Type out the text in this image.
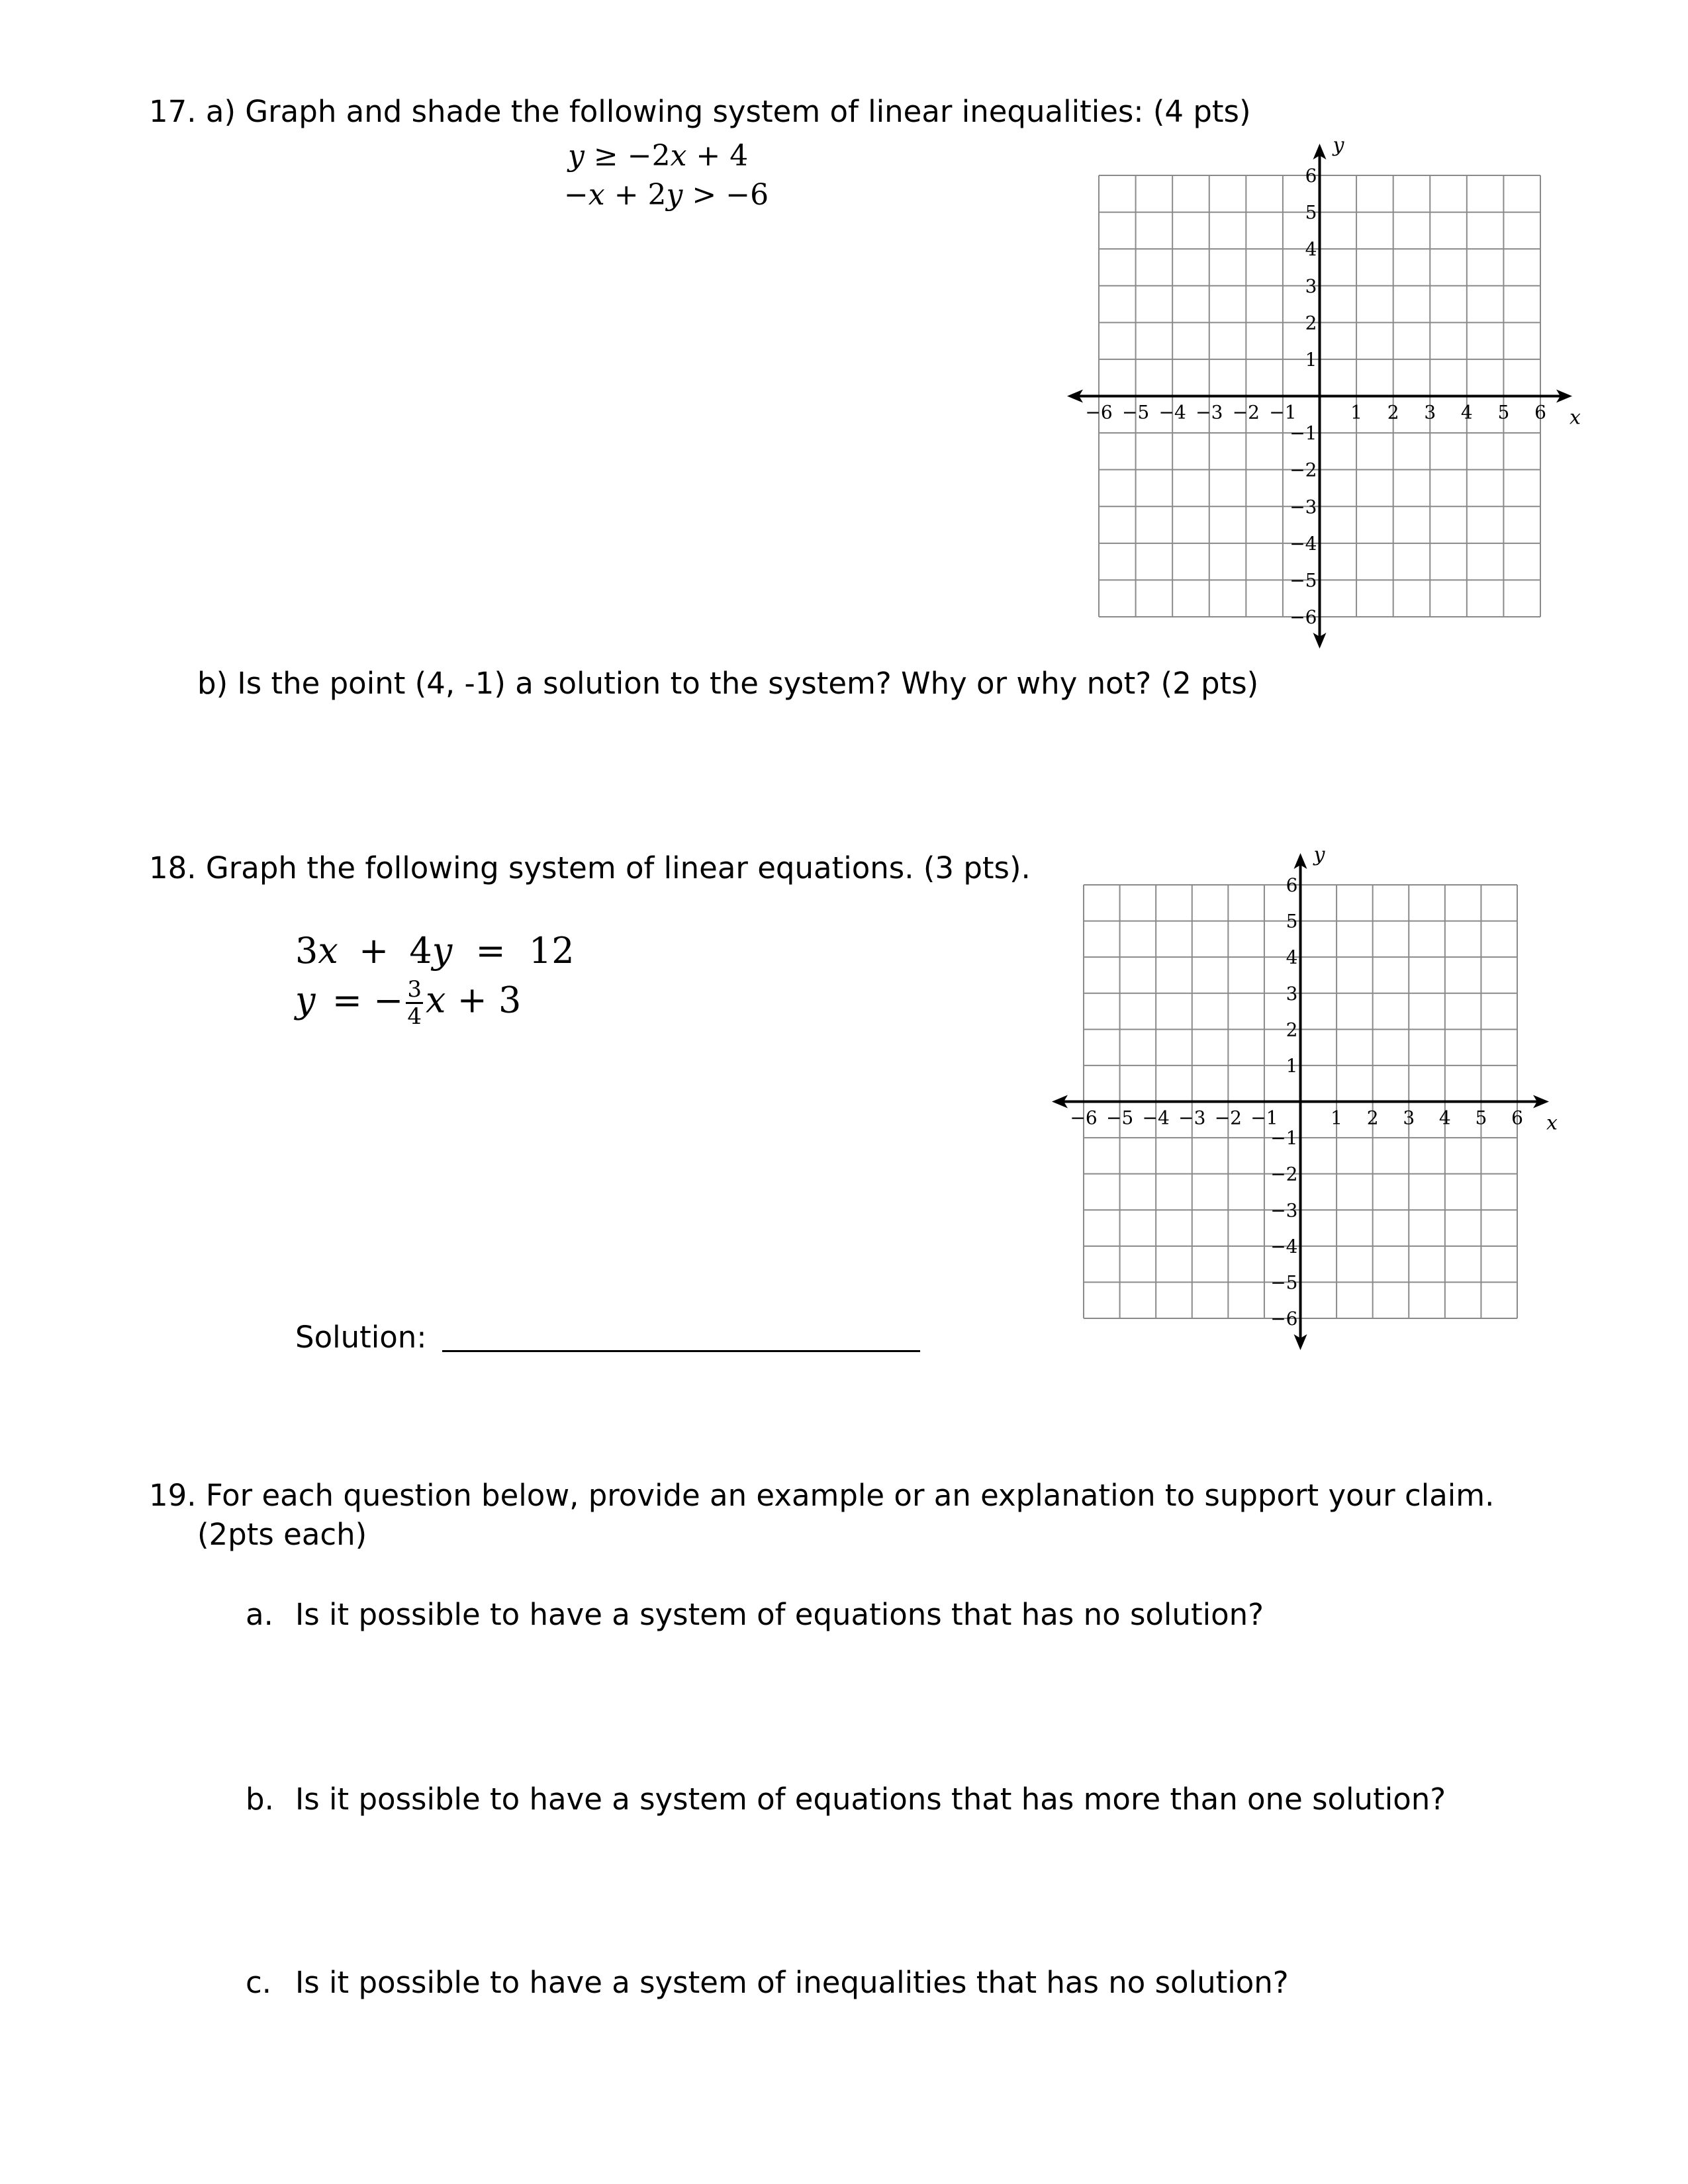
17. a) Graph and shade the following system of linear inequalities: (4 pts)
y ≥ −2x + 4
−x + 2y > −6
−6 −5 −4 −3 −2 −1	1 2 3 4 5 6
6
5
4
3
2
1
−1
−2
−3
−4
−5
−6
x
y
b) Is the point (4, -1) a solution to the system? Why or why not? (2 pts)
18. Graph the following system of linear equations. (3 pts).
3x + 4y = 12
y = − $\frac{3}{4}$ x + 3
−6 −5 −4 −3 −2 −1	1 2 3 4 5 6
6
5
4
3
2
1
−1
−2
−3
−4
−5
−6
x
y
Solution:
19. For each question below, provide an example or an explanation to support your claim.
(2pts each)
a. Is it possible to have a system of equations that has no solution?
b. Is it possible to have a system of equations that has more than one solution?
c. Is it possible to have a system of inequalities that has no solution?
